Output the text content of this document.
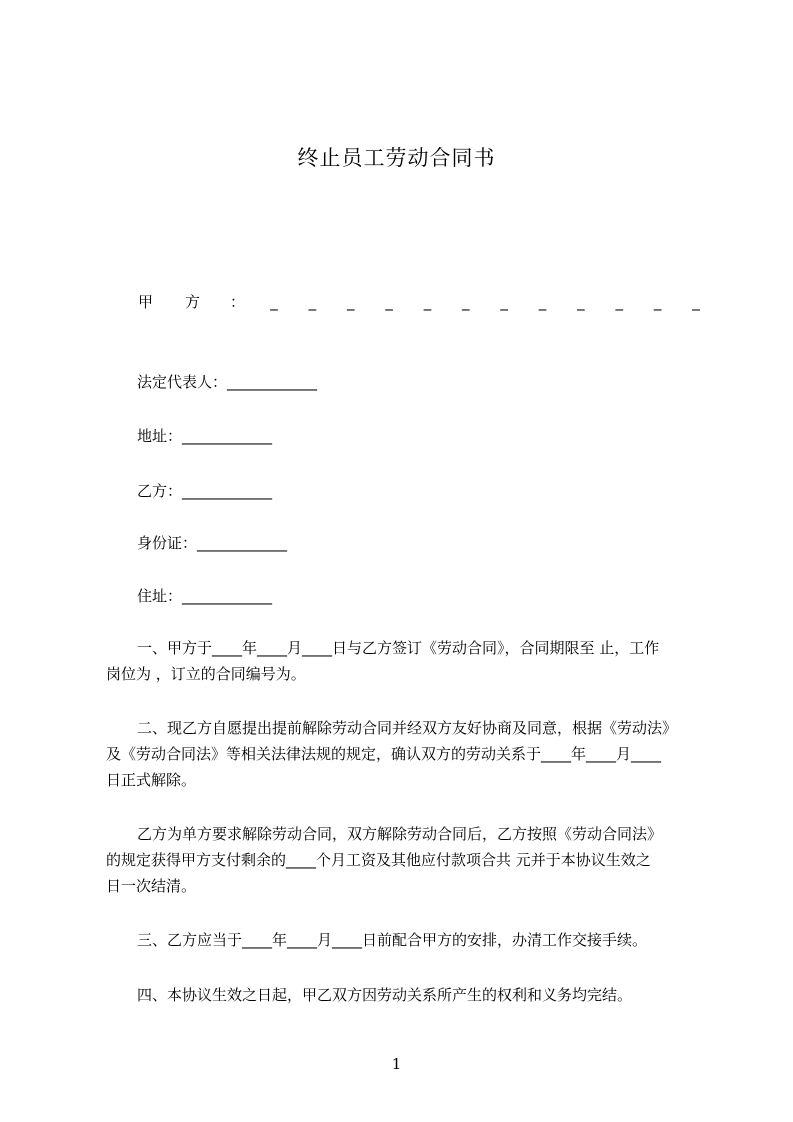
终止员工劳动合同书
甲	方	：	_ _ _ _ _ _ _ _ _ _ _ _
法定代表人：____________
地址：____________
乙方：____________
身份证：____________
住址：____________
一、甲方于____年____月____日与乙方签订《劳动合同》，合同期限至 止，工作
岗位为 ，订立的合同编号为。
二、现乙方自愿提出提前解除劳动合同并经双方友好协商及同意，根据《劳动法》
及《劳动合同法》等相关法律法规的规定，确认双方的劳动关系于____年____月____
日正式解除。
乙方为单方要求解除劳动合同，双方解除劳动合同后，乙方按照《劳动合同法》
的规定获得甲方支付剩余的____个月工资及其他应付款项合共 元并于本协议生效之
日一次结清。
三、乙方应当于____年____月____日前配合甲方的安排，办清工作交接手续。
四、本协议生效之日起，甲乙双方因劳动关系所产生的权利和义务均完结。
1
